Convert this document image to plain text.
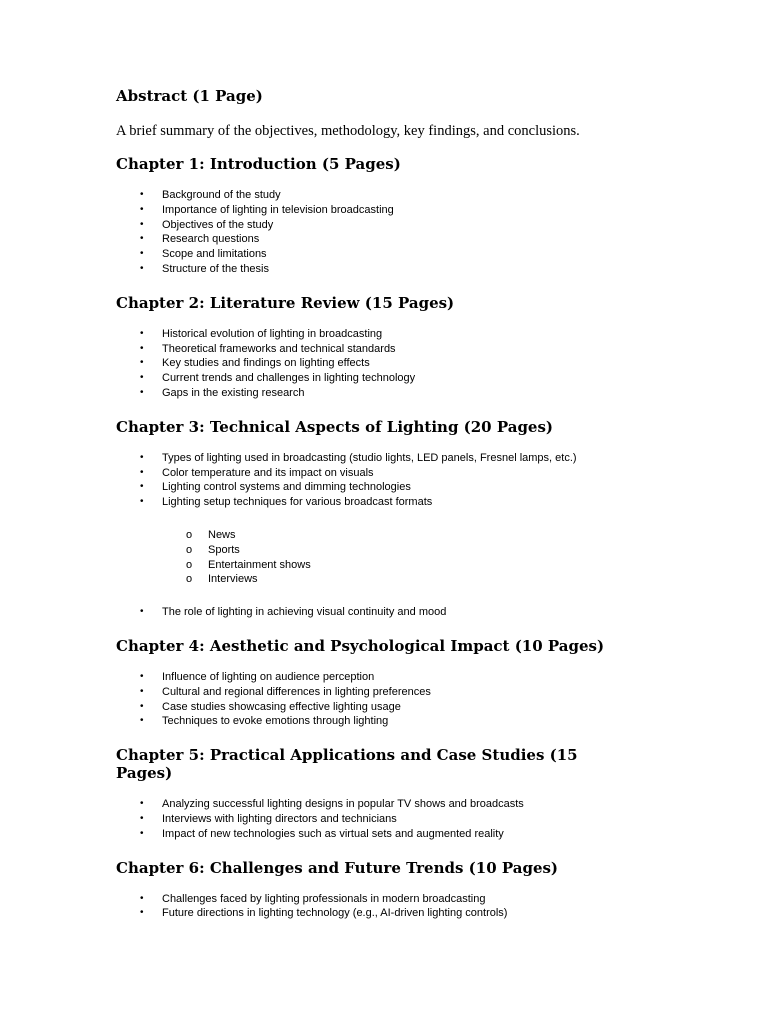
Abstract (1 Page)

A brief summary of the objectives, methodology, key findings, and conclusions.

Chapter 1: Introduction (5 Pages)
• Background of the study
• Importance of lighting in television broadcasting
• Objectives of the study
• Research questions
• Scope and limitations
• Structure of the thesis
Chapter 2: Literature Review (15 Pages)
• Historical evolution of lighting in broadcasting
• Theoretical frameworks and technical standards
• Key studies and findings on lighting effects
• Current trends and challenges in lighting technology
• Gaps in the existing research
Chapter 3: Technical Aspects of Lighting (20 Pages)
• Types of lighting used in broadcasting (studio lights, LED panels, Fresnel lamps, etc.)
• Color temperature and its impact on visuals
• Lighting control systems and dimming technologies
• Lighting setup techniques for various broadcast formats
o News
o Sports
o Entertainment shows
o Interviews
• The role of lighting in achieving visual continuity and mood
Chapter 4: Aesthetic and Psychological Impact (10 Pages)
• Influence of lighting on audience perception
• Cultural and regional differences in lighting preferences
• Case studies showcasing effective lighting usage
• Techniques to evoke emotions through lighting
Chapter 5: Practical Applications and Case Studies (15 Pages)
• Analyzing successful lighting designs in popular TV shows and broadcasts
• Interviews with lighting directors and technicians
• Impact of new technologies such as virtual sets and augmented reality
Chapter 6: Challenges and Future Trends (10 Pages)
• Challenges faced by lighting professionals in modern broadcasting
• Future directions in lighting technology (e.g., AI-driven lighting controls)
